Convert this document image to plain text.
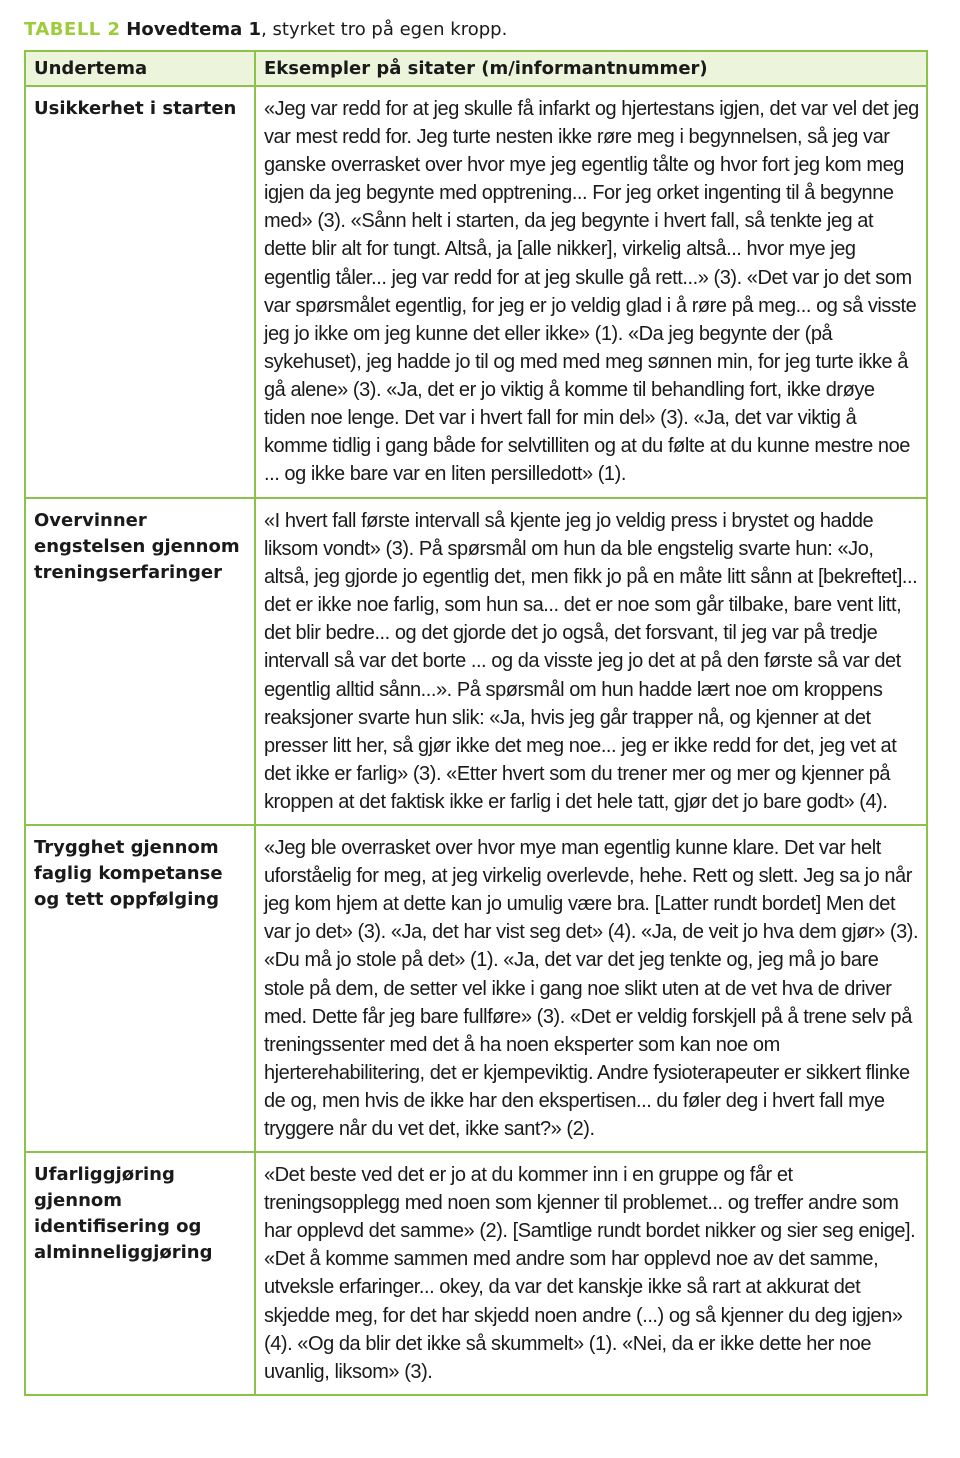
TABELL 2 Hovedtema 1, styrket tro på egen kropp.
Undertema	Eksempler på sitater (m/informantnummer)
Usikkerhet i starten	«Jeg var redd for at jeg skulle få infarkt og hjertestans igjen, det var vel det jeg var mest redd for. Jeg turte nesten ikke røre meg i begynnelsen, så jeg var ganske overrasket over hvor mye jeg egentlig tålte og hvor fort jeg kom meg igjen da jeg begynte med opptrening... For jeg orket ingenting til å begynne med» (3). «Sånn helt i starten, da jeg begynte i hvert fall, så tenkte jeg at dette blir alt for tungt. Altså, ja [alle nikker], virkelig altså... hvor mye jeg egentlig tåler... jeg var redd for at jeg skulle gå rett...» (3). «Det var jo det som var spørsmålet egentlig, for jeg er jo veldig glad i å røre på meg... og så visste jeg jo ikke om jeg kunne det eller ikke» (1). «Da jeg begynte der (på sykehuset), jeg hadde jo til og med med meg sønnen min, for jeg turte ikke å gå alene» (3). «Ja, det er jo viktig å komme til behandling fort, ikke drøye tiden noe lenge. Det var i hvert fall for min del» (3). «Ja, det var viktig å komme tidlig i gang både for selvtilliten og at du følte at du kunne mestre noe ... og ikke bare var en liten persilledott» (1).
Overvinner engstelsen gjennom treningserfaringer	«I hvert fall første intervall så kjente jeg jo veldig press i brystet og hadde liksom vondt» (3). På spørsmål om hun da ble engstelig svarte hun: «Jo, altså, jeg gjorde jo egentlig det, men fikk jo på en måte litt sånn at [bekreftet]... det er ikke noe farlig, som hun sa... det er noe som går tilbake, bare vent litt, det blir bedre... og det gjorde det jo også, det forsvant, til jeg var på tredje intervall så var det borte ... og da visste jeg jo det at på den første så var det egentlig alltid sånn...». På spørsmål om hun hadde lært noe om kroppens reaksjoner svarte hun slik: «Ja, hvis jeg går trapper nå, og kjenner at det presser litt her, så gjør ikke det meg noe... jeg er ikke redd for det, jeg vet at det ikke er farlig» (3). «Etter hvert som du trener mer og mer og kjenner på kroppen at det faktisk ikke er farlig i det hele tatt, gjør det jo bare godt» (4).
Trygghet gjennom faglig kompetanse og tett oppfølging	«Jeg ble overrasket over hvor mye man egentlig kunne klare. Det var helt uforståelig for meg, at jeg virkelig overlevde, hehe. Rett og slett. Jeg sa jo når jeg kom hjem at dette kan jo umulig være bra. [Latter rundt bordet] Men det var jo det» (3). «Ja, det har vist seg det» (4). «Ja, de veit jo hva dem gjør» (3). «Du må jo stole på det» (1). «Ja, det var det jeg tenkte og, jeg må jo bare stole på dem, de setter vel ikke i gang noe slikt uten at de vet hva de driver med. Dette får jeg bare fullføre» (3). «Det er veldig forskjell på å trene selv på treningssenter med det å ha noen eksperter som kan noe om hjerterehabilitering, det er kjempeviktig. Andre fysioterapeuter er sikkert flinke de og, men hvis de ikke har den ekspertisen... du føler deg i hvert fall mye tryggere når du vet det, ikke sant?» (2).
Ufarliggjøring gjennom identifisering og alminneliggjøring	«Det beste ved det er jo at du kommer inn i en gruppe og får et treningsopplegg med noen som kjenner til problemet... og treffer andre som har opplevd det samme» (2). [Samtlige rundt bordet nikker og sier seg enige]. «Det å komme sammen med andre som har opplevd noe av det samme, utveksle erfaringer... okey, da var det kanskje ikke så rart at akkurat det skjedde meg, for det har skjedd noen andre (...) og så kjenner du deg igjen» (4). «Og da blir det ikke så skummelt» (1). «Nei, da er ikke dette her noe uvanlig, liksom» (3).
